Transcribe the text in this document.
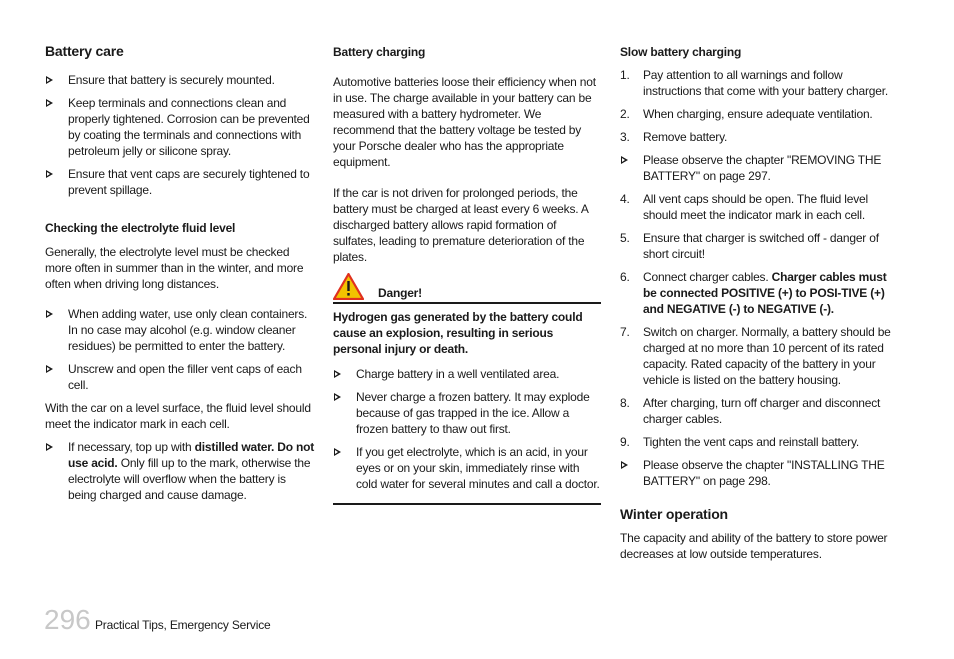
Battery care
Ensure that battery is securely mounted.
Keep terminals and connections clean and properly tightened. Corrosion can be prevented by coating the terminals and connections with petroleum jelly or silicone spray.
Ensure that vent caps are securely tightened to prevent spillage.
Checking the electrolyte fluid level

Generally, the electrolyte level must be checked more often in summer than in the winter, and more often when driving long distances.

When adding water, use only clean containers. In no case may alcohol (e.g. window cleaner residues) be permitted to enter the battery.
Unscrew and open the filler vent caps of each cell.

With the car on a level surface, the fluid level should meet the indicator mark in each cell.

If necessary, top up with distilled water. Do not use acid. Only fill up to the mark, otherwise the electrolyte will overflow when the battery is being charged and cause damage.
Battery charging

Automotive batteries loose their efficiency when not in use. The charge available in your battery can be measured with a battery hydrometer. We recommend that the battery voltage be tested by your Porsche dealer who has the appropriate equipment.

If the car is not driven for prolonged periods, the battery must be charged at least every 6 weeks. A discharged battery allows rapid formation of sulfates, leading to premature deterioration of the plates.

Danger!

Hydrogen gas generated by the battery could cause an explosion, resulting in serious personal injury or death.

Charge battery in a well ventilated area.
Never charge a frozen battery. It may explode because of gas trapped in the ice. Allow a frozen battery to thaw out first.
If you get electrolyte, which is an acid, in your eyes or on your skin, immediately rinse with cold water for several minutes and call a doctor.
Slow battery charging
1. Pay attention to all warnings and follow instructions that come with your battery charger.
2. When charging, ensure adequate ventilation.
3. Remove battery.
Please observe the chapter "REMOVING THE BATTERY" on page 297.
4. All vent caps should be open. The fluid level should meet the indicator mark in each cell.
5. Ensure that charger is switched off - danger of short circuit!
6. Connect charger cables. Charger cables must be connected POSITIVE (+) to POSI-TIVE (+) and NEGATIVE (-) to NEGATIVE (-).
7. Switch on charger. Normally, a battery should be charged at no more than 10 percent of its rated capacity. Rated capacity of the battery in your vehicle is listed on the battery housing.
8. After charging, turn off charger and disconnect charger cables.
9. Tighten the vent caps and reinstall battery.
Please observe the chapter "INSTALLING THE BATTERY" on page 298.
Winter operation

The capacity and ability of the battery to store power decreases at low outside temperatures.

296 Practical Tips, Emergency Service
